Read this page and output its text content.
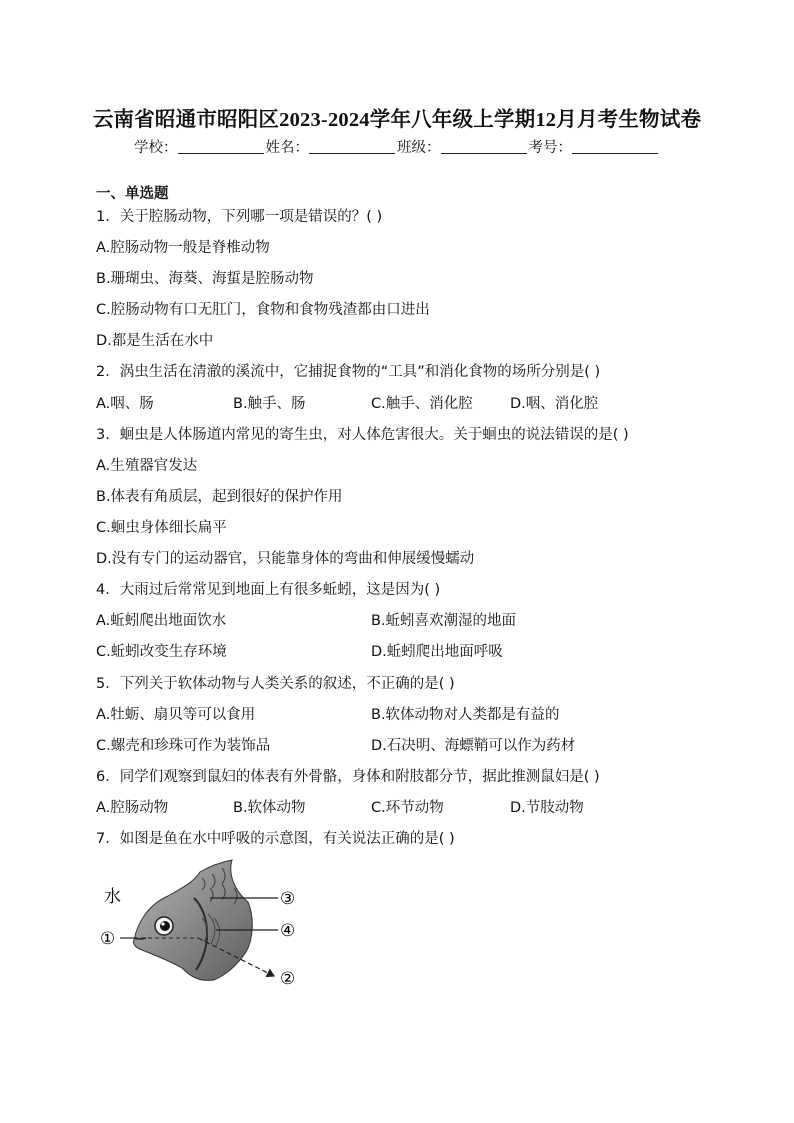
云南省昭通市昭阳区2023-2024学年八年级上学期12月月考生物试卷
学校：	姓名：	班级：	考号：
一、单选题
1．关于腔肠动物，下列哪一项是错误的？( )
A.腔肠动物一般是脊椎动物
B.珊瑚虫、海葵、海蜇是腔肠动物
C.腔肠动物有口无肛门，食物和食物残渣都由口进出
D.都是生活在水中
2．涡虫生活在清澈的溪流中，它捕捉食物的“工具”和消化食物的场所分别是( )
A.咽、肠	B.触手、肠	C.触手、消化腔	D.咽、消化腔
3．蛔虫是人体肠道内常见的寄生虫，对人体危害很大。关于蛔虫的说法错误的是( )
A.生殖器官发达
B.体表有角质层，起到很好的保护作用
C.蛔虫身体细长扁平
D.没有专门的运动器官，只能靠身体的弯曲和伸展缓慢蠕动
4．大雨过后常常见到地面上有很多蚯蚓，这是因为( )
A.蚯蚓爬出地面饮水	B.蚯蚓喜欢潮湿的地面
C.蚯蚓改变生存环境	D.蚯蚓爬出地面呼吸
5．下列关于软体动物与人类关系的叙述，不正确的是( )
A.牡蛎、扇贝等可以食用	B.软体动物对人类都是有益的
C.螺壳和珍珠可作为装饰品	D.石决明、海螵鞘可以作为药材
6．同学们观察到鼠妇的体表有外骨骼，身体和附肢都分节，据此推测鼠妇是( )
A.腔肠动物	B.软体动物	C.环节动物	D.节肢动物
7．如图是鱼在水中呼吸的示意图，有关说法正确的是( )
水
①
②
③
④
